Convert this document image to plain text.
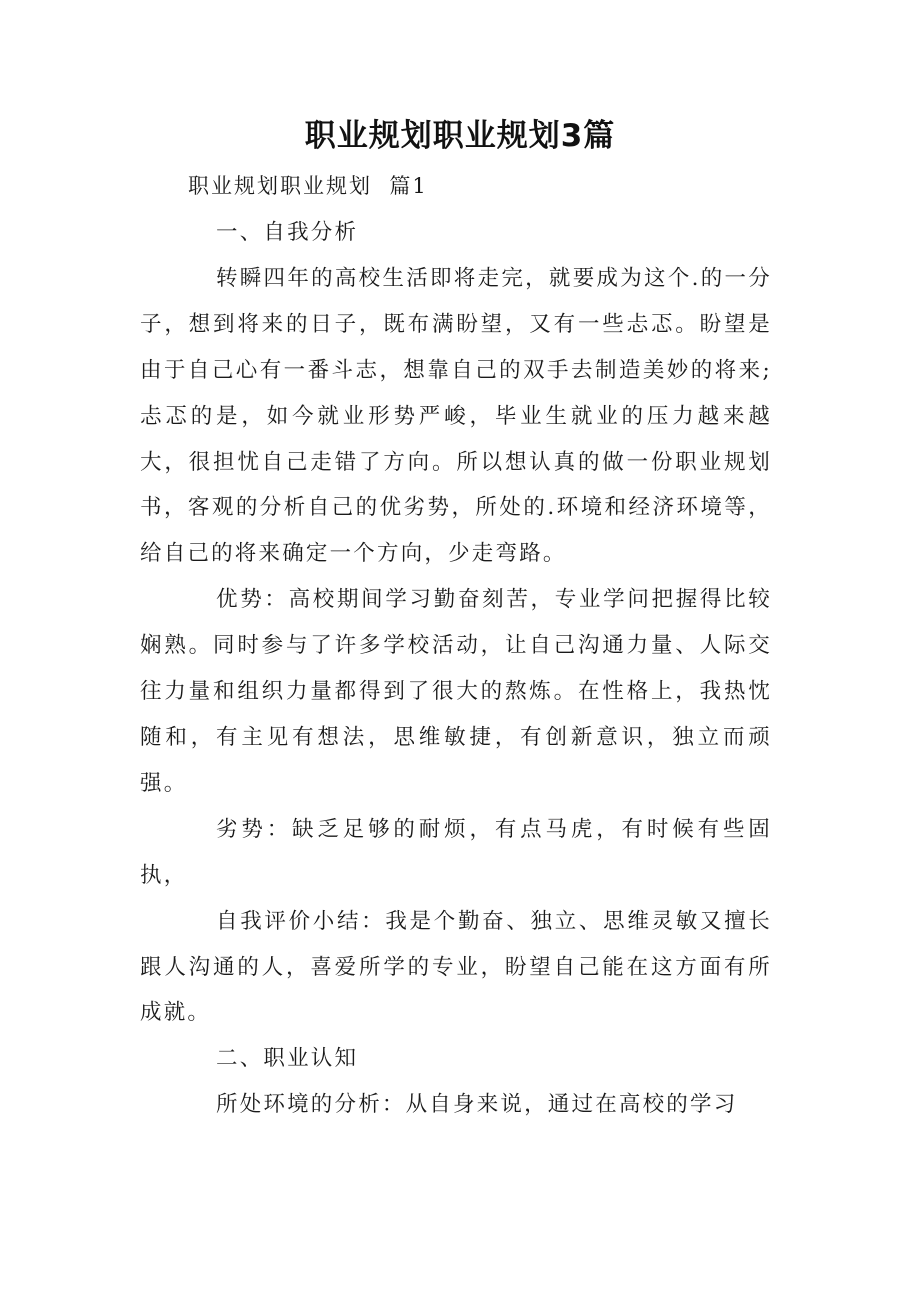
职业规划职业规划3篇
职业规划职业规划  篇1

一、自我分析

转瞬四年的高校生活即将走完，就要成为这个.的一分子，想到将来的日子，既布满盼望，又有一些忐忑。盼望是由于自己心有一番斗志，想靠自己的双手去制造美妙的将来;忐忑的是，如今就业形势严峻，毕业生就业的压力越来越大，很担忧自己走错了方向。所以想认真的做一份职业规划书，客观的分析自己的优劣势，所处的.环境和经济环境等，给自己的将来确定一个方向，少走弯路。

优势：高校期间学习勤奋刻苦，专业学问把握得比较娴熟。同时参与了许多学校活动，让自己沟通力量、人际交往力量和组织力量都得到了很大的熬炼。在性格上，我热忱随和，有主见有想法，思维敏捷，有创新意识，独立而顽强。

劣势：缺乏足够的耐烦，有点马虎，有时候有些固执，

自我评价小结：我是个勤奋、独立、思维灵敏又擅长跟人沟通的人，喜爱所学的专业，盼望自己能在这方面有所成就。

二、职业认知

所处环境的分析：从自身来说，通过在高校的学习
